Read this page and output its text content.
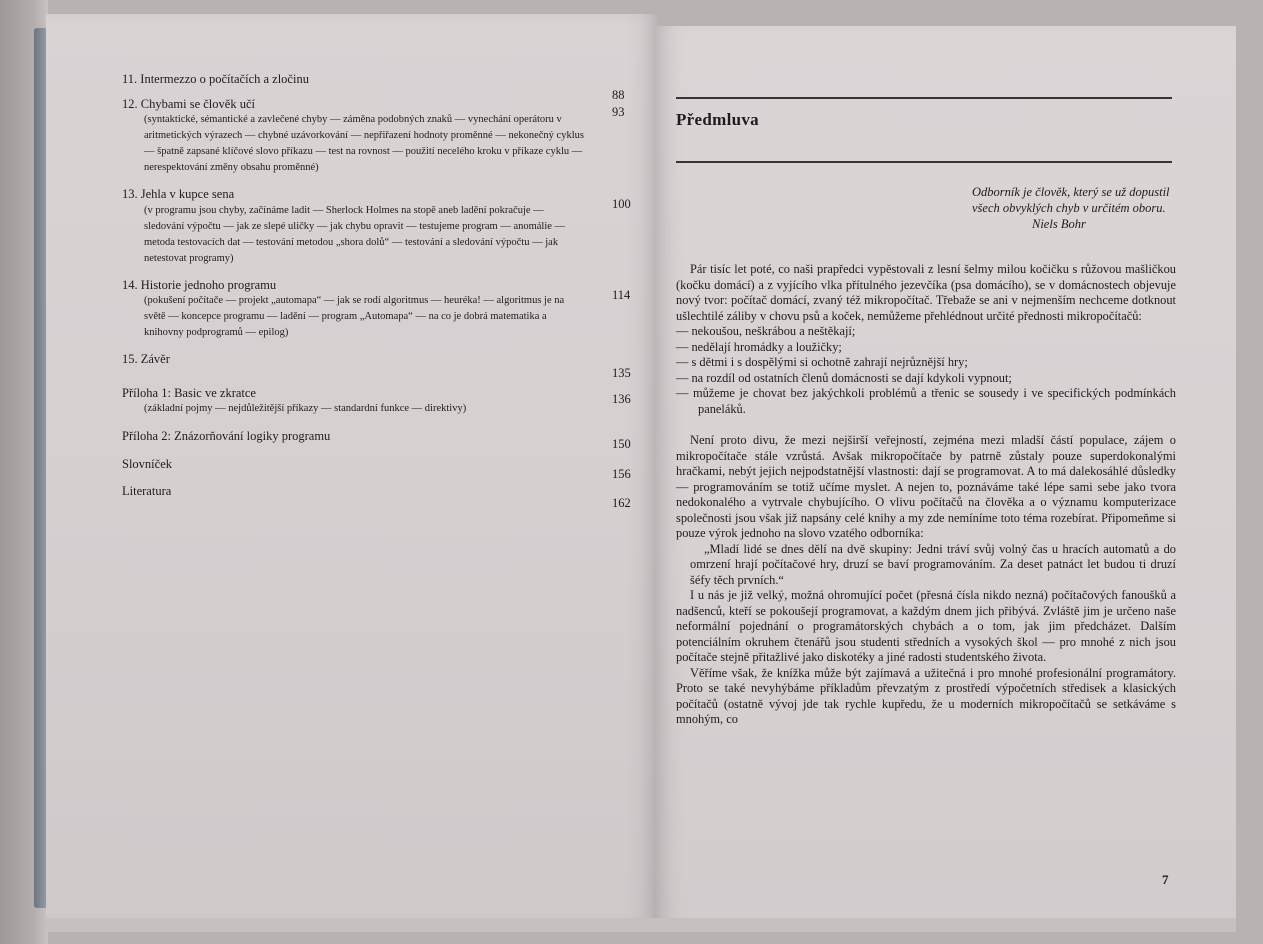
11. Intermezzo o počítačích a zločinu
88
12. Chybami se člověk učí
(syntaktické, sémantické a zavlečené chyby — záměna podobných znaků — vynechání operátoru v aritmetických výrazech — chybné uzávorkování — nepřiřazení hodnoty proměnné — nekonečný cyklus — špatně zapsané klíčové slovo příkazu — test na rovnost — použití necelého kroku v příkaze cyklu — nerespektování změny obsahu proměnné)
93
13. Jehla v kupce sena
(v programu jsou chyby, začínáme ladit — Sherlock Holmes na stopě aneb ladění pokračuje — sledování výpočtu — jak ze slepé uličky — jak chybu opravit — testujeme program — anomálie — metoda testovacích dat — testování metodou „shora dolů“ — testování a sledování výpočtu — jak netestovat programy)
100
14. Historie jednoho programu
(pokušení počítače — projekt „automapa“ — jak se rodí algoritmus — heuréka! — algoritmus je na světě — koncepce programu — ladění — program „Automapa“ — na co je dobrá matematika a knihovny podprogramů — epilog)
114
15. Závěr
135
Příloha 1: Basic ve zkratce
(základní pojmy — nejdůležitější příkazy — standardní funkce — direktivy)
136
Příloha 2: Znázorňování logiky programu
150
Slovníček
156
Literatura
162
Předmluva
Odborník je člověk, který se už dopustil všech obvyklých chyb v určitém oboru.
Niels Bohr

Pár tisíc let poté, co naši prapředci vypěstovali z lesní šelmy milou kočičku s růžovou mašličkou (kočku domácí) a z vyjícího vlka přítulného jezevčíka (psa domácího), se v domácnostech objevuje nový tvor: počítač domácí, zvaný též mikropočítač. Třebaže se ani v nejmenším nechceme dotknout ušlechtilé záliby v chovu psů a koček, nemůžeme přehlédnout určité přednosti mikropočítačů:

— nekoušou, neškrábou a neštěkají;
— nedělají hromádky a loužičky;
— s dětmi i s dospělými si ochotně zahrají nejrůznější hry;
— na rozdíl od ostatních členů domácnosti se dají kdykoli vypnout;
— můžeme je chovat bez jakýchkoli problémů a třenic se sousedy i ve specifických podmínkách paneláků.

Není proto divu, že mezi nejširší veřejností, zejména mezi mladší částí populace, zájem o mikropočítače stále vzrůstá. Avšak mikropočítače by patrně zůstaly pouze superdokonalými hračkami, nebýt jejich nejpodstatnější vlastnosti: dají se programovat. A to má dalekosáhlé důsledky — programováním se totiž učíme myslet. A nejen to, poznáváme také lépe sami sebe jako tvora nedokonalého a vytrvale chybujícího. O vlivu počítačů na člověka a o významu komputerizace společnosti jsou však již napsány celé knihy a my zde nemíníme toto téma rozebírat. Připomeňme si pouze výrok jednoho na slovo vzatého odborníka:

„Mladí lidé se dnes dělí na dvě skupiny: Jedni tráví svůj volný čas u hracích automatů a do omrzení hrají počítačové hry, druzí se baví programováním. Za deset patnáct let budou ti druzí šéfy těch prvních.“

I u nás je již velký, možná ohromující počet (přesná čísla nikdo nezná) počítačových fanoušků a nadšenců, kteří se pokoušejí programovat, a každým dnem jich přibývá. Zvláště jim je určeno naše neformální pojednání o programátorských chybách a o tom, jak jim předcházet. Dalším potenciálním okruhem čtenářů jsou studenti středních a vysokých škol — pro mnohé z nich jsou počítače stejně přitažlivé jako diskotéky a jiné radosti studentského života.

Věříme však, že knížka může být zajímavá a užitečná i pro mnohé profesionální programátory. Proto se také nevyhýbáme příkladům převzatým z prostředí výpočetních středisek a klasických počítačů (ostatně vývoj jde tak rychle kupředu, že u moderních mikropočítačů se setkáváme s mnohým, co

7
